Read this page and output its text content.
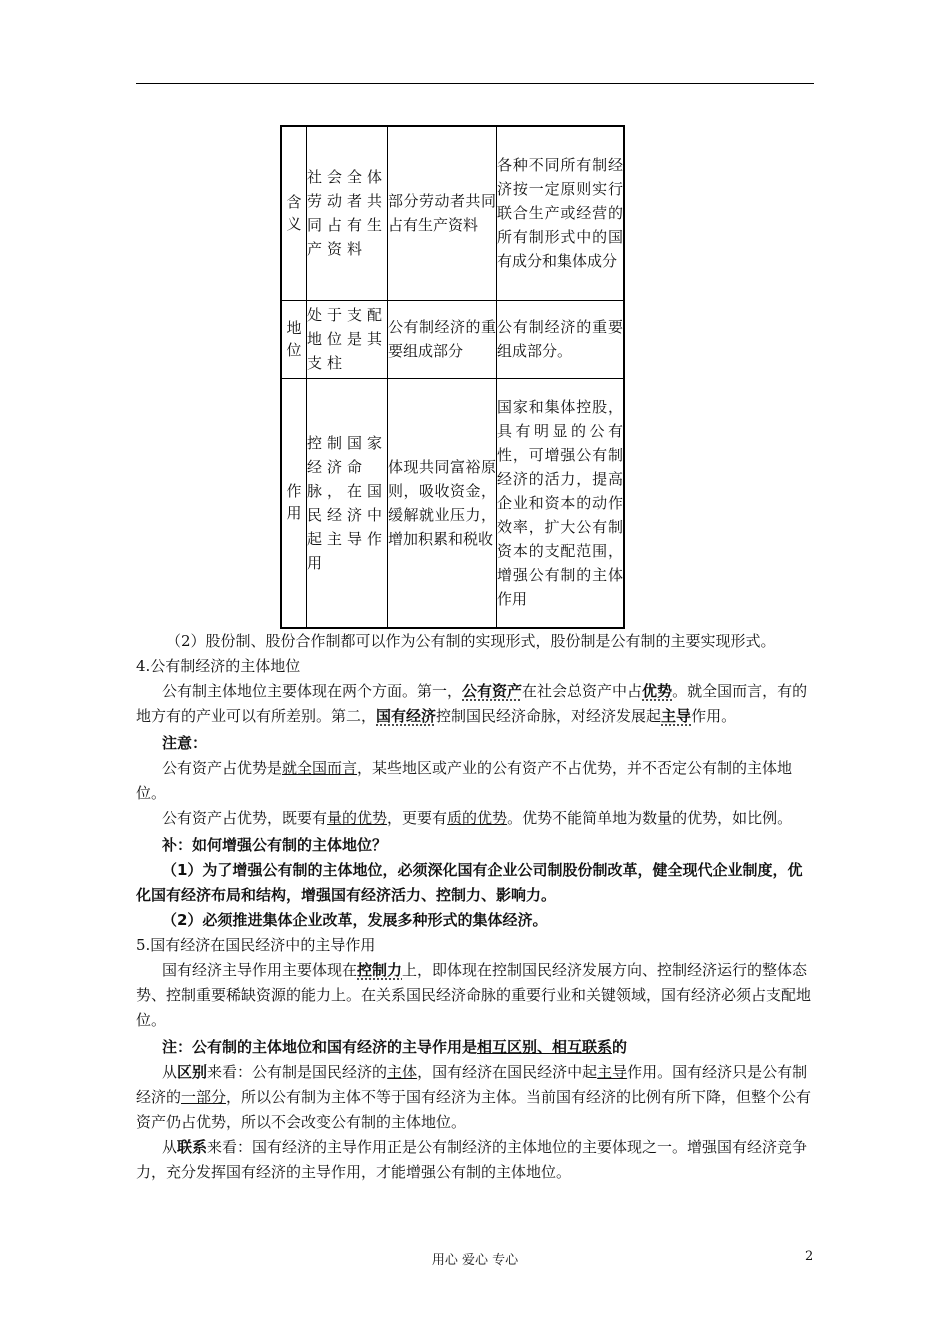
含义	社会全体劳动者共同占有生产资料	部分劳动者共同占有生产资料	各种不同所有制经济按一定原则实行联合生产或经营的所有制形式中的国有成分和集体成分

地位	处于支配地位是其支柱	公有制经济的重要组成部分	公有制经济的重要组成部分。

作用	控制国家经济命脉，在国民经济中起主导作用	体现共同富裕原则，吸收资金，缓解就业压力，增加积累和税收	国家和集体控股，具有明显的公有性，可增强公有制经济的活力，提高企业和资本的动作效率，扩大公有制资本的支配范围，增强公有制的主体作用

（2）股份制、股份合作制都可以作为公有制的实现形式，股份制是公有制的主要实现形式。

4.公有制经济的主体地位

公有制主体地位主要体现在两个方面。第一，公有资产在社会总资产中占优势。就全国而言，有的地方有的产业可以有所差别。第二，国有经济控制国民经济命脉，对经济发展起主导作用。

注意：

公有资产占优势是就全国而言，某些地区或产业的公有资产不占优势，并不否定公有制的主体地位。

公有资产占优势，既要有量的优势，更要有质的优势。优势不能简单地为数量的优势，如比例。

补：如何增强公有制的主体地位？

（1）为了增强公有制的主体地位，必须深化国有企业公司制股份制改革，健全现代企业制度，优化国有经济布局和结构，增强国有经济活力、控制力、影响力。

（2）必须推进集体企业改革，发展多种形式的集体经济。

5.国有经济在国民经济中的主导作用

国有经济主导作用主要体现在控制力上，即体现在控制国民经济发展方向、控制经济运行的整体态势、控制重要稀缺资源的能力上。在关系国民经济命脉的重要行业和关键领域，国有经济必须占支配地位。

注：公有制的主体地位和国有经济的主导作用是相互区别、相互联系的

从区别来看：公有制是国民经济的主体，国有经济在国民经济中起主导作用。国有经济只是公有制经济的一部分，所以公有制为主体不等于国有经济为主体。当前国有经济的比例有所下降，但整个公有资产仍占优势，所以不会改变公有制的主体地位。

从联系来看：国有经济的主导作用正是公有制经济的主体地位的主要体现之一。增强国有经济竞争力，充分发挥国有经济的主导作用，才能增强公有制的主体地位。

用心 爱心 专心	2
